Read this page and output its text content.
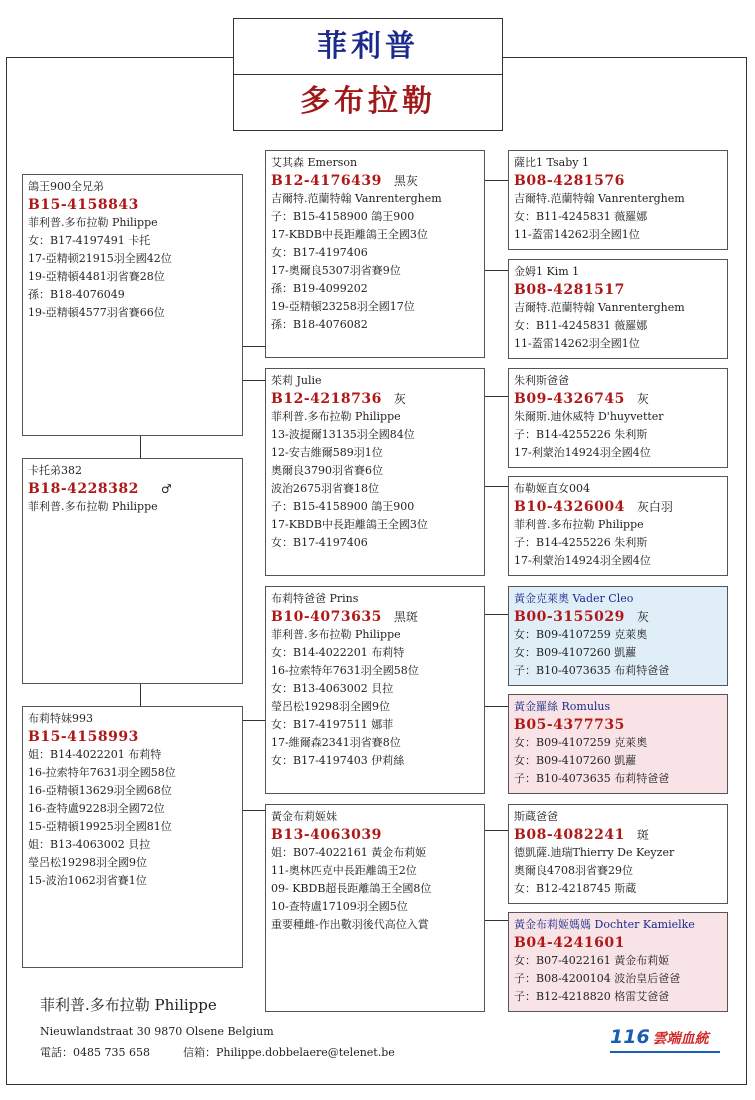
菲利普
多布拉勒
鴿王900全兄弟
B15-4158843
菲利普.多布拉勒 Philippe
女：B17-4197491 卡托
17-亞精顿21915羽全國42位
19-亞精頓4481羽省賽28位
孫：B18-4076049
19-亞精頓4577羽省賽66位
卡托弟382
B18-4228382 ♂
菲利普.多布拉勒 Philippe
布莉特妹993
B15-4158993
姐：B14-4022201 布莉特
16-拉索特年7631羽全國58位
16-亞精頓13629羽全國68位
16-查特盧9228羽全國72位
15-亞精頓19925羽全國81位
姐：B13-4063002 貝拉
瑩呂松19298羽全國9位
15-波治1062羽省賽1位
艾其森 Emerson
B12-4176439 黑灰
吉爾特.范蘭特翰 Vanrenterghem
子：B15-4158900 鴿王900
17-KBDB中長距離鴿王全國3位
女：B17-4197406
17-奧爾良5307羽省賽9位
孫：B19-4099202
19-亞精頓23258羽全國17位
孫：B18-4076082
茱莉 Julie
B12-4218736 灰
菲利普.多布拉勒 Philippe
13-波提爾13135羽全國84位
12-安吉維爾589羽1位
奧爾良3790羽省賽6位
波治2675羽省賽18位
子：B15-4158900 鴿王900
17-KBDB中長距離鴿王全國3位
女：B17-4197406
布莉特爸爸 Prins
B10-4073635 黑斑
菲利普.多布拉勒 Philippe
女：B14-4022201 布莉特
16-拉索特年7631羽全國58位
女：B13-4063002 貝拉
瑩呂松19298羽全國9位
女：B17-4197511 娜菲
17-維爾森2341羽省賽8位
女：B17-4197403 伊莉絲
黃金布莉姬妹
B13-4063039
姐：B07-4022161 黃金布莉姬
11-奧林匹克中長距離鴿王2位
09- KBDB超長距離鴿王全國8位
10-查特盧17109羽全國5位
重要種雌-作出數羽後代高位入賞
薩比1 Tsaby 1
B08-4281576
吉爾特.范蘭特翰 Vanrenterghem
女：B11-4245831 薇羅娜
11-蓋雷14262羽全國1位
金姆1 Kim 1
B08-4281517
吉爾特.范蘭特翰 Vanrenterghem
女：B11-4245831 薇羅娜
11-蓋雷14262羽全國1位
朱利斯爸爸
B09-4326745 灰
朱爾斯.迪休威特 D'huyvetter
子：B14-4255226 朱利斯
17-利蒙治14924羽全國4位
布勒姬直女004
B10-4326004 灰白羽
菲利普.多布拉勒 Philippe
子：B14-4255226 朱利斯
17-利蒙治14924羽全國4位
黃金克萊奧 Vader Cleo
B00-3155029 灰
女：B09-4107259 克萊奧
女：B09-4107260 凱蘿
子：B10-4073635 布莉特爸爸
黃金羅絲 Romulus
B05-4377735
女：B09-4107259 克萊奧
女：B09-4107260 凱蘿
子：B10-4073635 布莉特爸爸
斯蔵爸爸
B08-4082241 斑
德凱薩.迪瑞Thierry De Keyzer
奧爾良4708羽省賽29位
女：B12-4218745 斯蔵
黃金布莉姬媽媽 Dochter Kamielke
B04-4241601
女：B07-4022161 黃金布莉姬
子：B08-4200104 波治皇后爸爸
子：B12-4218820 格雷艾爸爸
菲利普.多布拉勒 Philippe
Nieuwlandstraat 30 9870 Olsene Belgium
電話：0485 735 658	信箱：Philippe.dobbelaere@telenet.be
116 雲端血統
